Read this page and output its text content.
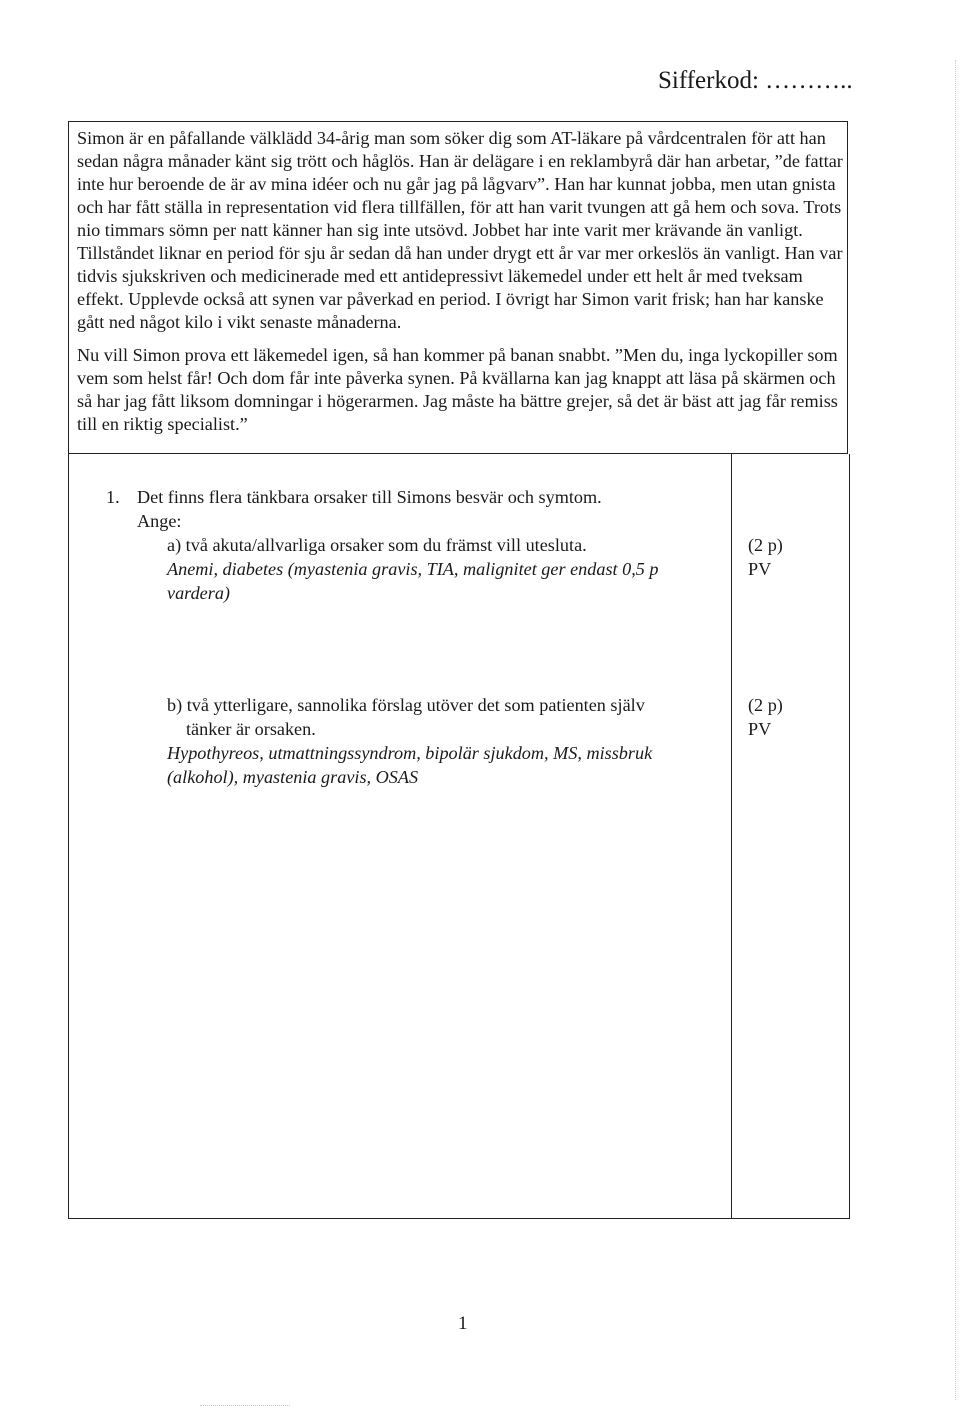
Sifferkod: ………..

Simon är en påfallande välklädd 34-årig man som söker dig som AT-läkare på vårdcentralen för att han sedan några månader känt sig trött och håglös. Han är delägare i en reklambyrå där han arbetar, ”de fattar inte hur beroende de är av mina idéer och nu går jag på lågvarv”. Han har kunnat jobba, men utan gnista och har fått ställa in representation vid flera tillfällen, för att han varit tvungen att gå hem och sova. Trots nio timmars sömn per natt känner han sig inte utsövd. Jobbet har inte varit mer krävande än vanligt. Tillståndet liknar en period för sju år sedan då han under drygt ett år var mer orkeslös än vanligt. Han var tidvis sjukskriven och medicinerade med ett antidepressivt läkemedel under ett helt år med tveksam effekt. Upplevde också att synen var påverkad en period. I övrigt har Simon varit frisk; han har kanske gått ned något kilo i vikt senaste månaderna.

Nu vill Simon prova ett läkemedel igen, så han kommer på banan snabbt. ”Men du, inga lyckopiller som vem som helst får! Och dom får inte påverka synen. På kvällarna kan jag knappt att läsa på skärmen och så har jag fått liksom domningar i högerarmen. Jag måste ha bättre grejer, så det är bäst att jag får remiss till en riktig specialist.”

1. Det finns flera tänkbara orsaker till Simons besvär och symtom.
Ange:
a) två akuta/allvarliga orsaker som du främst vill utesluta.
Anemi, diabetes (myastenia gravis, TIA, malignitet ger endast 0,5 p
vardera)
(2 p)
PV
b) två ytterligare, sannolika förslag utöver det som patienten själv
tänker är orsaken.
Hypothyreos, utmattningssyndrom, bipolär sjukdom, MS, missbruk
(alkohol), myastenia gravis, OSAS
(2 p)
PV
1
